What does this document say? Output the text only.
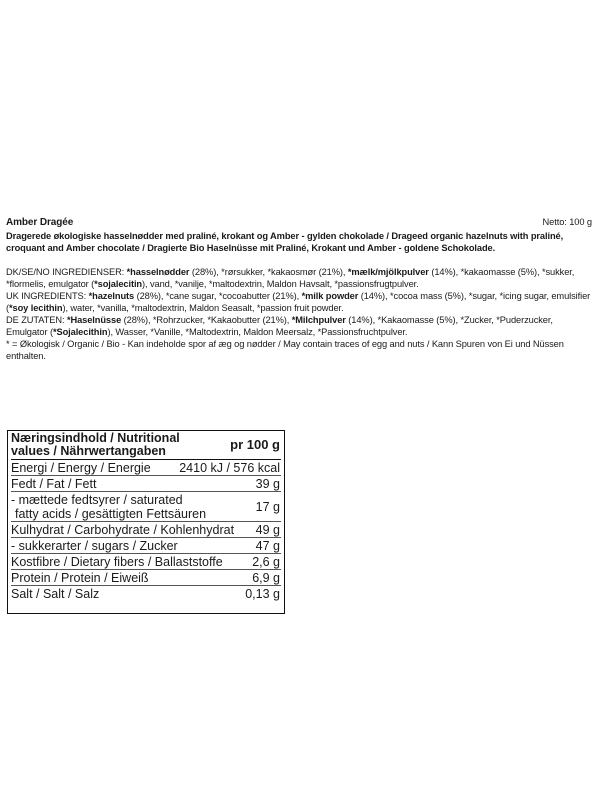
Amber Dragée	Netto: 100 g
Dragerede økologiske hasselnødder med praliné, krokant og Amber - gylden chokolade / Drageed organic hazelnuts with praliné, croquant and Amber chocolate / Dragierte Bio Haselnüsse mit Praliné, Krokant und Amber - goldene Schokolade.

DK/SE/NO INGREDIENSER: *hasselnødder (28%), *rørsukker, *kakaosmør (21%), *mælk/mjölkpulver (14%), *kakaomasse (5%), *sukker, *flormelis, emulgator (*sojalecitin), vand, *vanilje, *maltodextrin, Maldon Havsalt, *passionsfrugtpulver.

UK INGREDIENTS: *hazelnuts (28%), *cane sugar, *cocoabutter (21%), *milk powder (14%), *cocoa mass (5%), *sugar, *icing sugar, emulsifier (*soy lecithin), water, *vanilla, *maltodextrin, Maldon Seasalt, *passion fruit powder.

DE ZUTATEN: *Haselnüsse (28%), *Rohrzucker, *Kakaobutter (21%), *Milchpulver (14%), *Kakaomasse (5%), *Zucker, *Puderzucker, Emulgator (*Sojalecithin), Wasser, *Vanille, *Maltodextrin, Maldon Meersalz, *Passionsfruchtpulver.

* = Økologisk / Organic / Bio - Kan indeholde spor af æg og nødder / May contain traces of egg and nuts / Kann Spuren von Ei und Nüssen enthalten.

Næringsindhold / Nutritional
values / Nährwertangaben	pr 100 g
Energi / Energy / Energie	2410 kJ / 576 kcal
Fedt / Fat / Fett	39 g
- mættede fedtsyrer / saturated
fatty acids / gesättigten Fettsäuren	17 g
Kulhydrat / Carbohydrate / Kohlenhydrat	49 g
- sukkerarter / sugars / Zucker	47 g
Kostfibre / Dietary fibers / Ballaststoffe	2,6 g
Protein / Protein / Eiweiß	6,9 g
Salt / Salt / Salz	0,13 g
